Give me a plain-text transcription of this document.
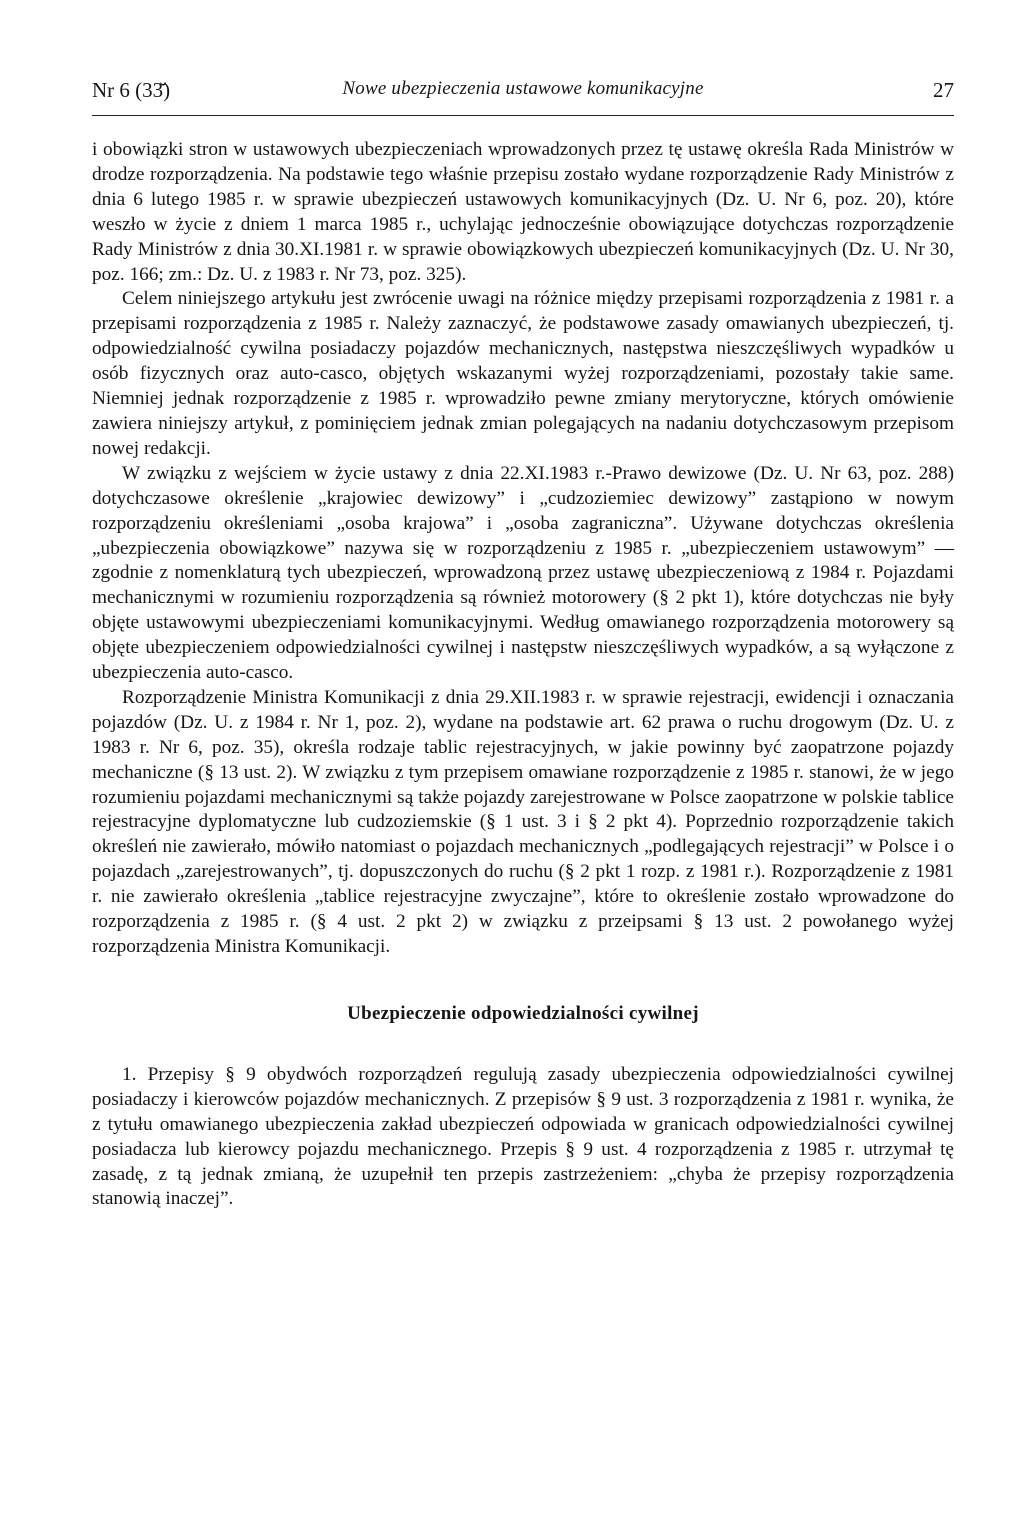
Nr 6 (33̆)	Nowe ubezpieczenia ustawowe komunikacyjne	27

i obowiązki stron w ustawowych ubezpieczeniach wprowadzonych przez tę ustawę określa Rada Ministrów w drodze rozporządzenia. Na podstawie tego właśnie przepisu zostało wydane rozporządzenie Rady Ministrów z dnia 6 lutego 1985 r. w sprawie ubezpieczeń ustawowych komunikacyjnych (Dz. U. Nr 6, poz. 20), które weszło w życie z dniem 1 marca 1985 r., uchylając jednocześnie obowiązujące dotychczas rozporządzenie Rady Ministrów z dnia 30.XI.1981 r. w sprawie obowiązkowych ubezpieczeń komunikacyjnych (Dz. U. Nr 30, poz. 166; zm.: Dz. U. z 1983 r. Nr 73, poz. 325).

Celem niniejszego artykułu jest zwrócenie uwagi na różnice między przepisami rozporządzenia z 1981 r. a przepisami rozporządzenia z 1985 r. Należy zaznaczyć, że podstawowe zasady omawianych ubezpieczeń, tj. odpowiedzialność cywilna posiadaczy pojazdów mechanicznych, następstwa nieszczęśliwych wypadków u osób fizycznych oraz auto-casco, objętych wskazanymi wyżej rozporządzeniami, pozostały takie same. Niemniej jednak rozporządzenie z 1985 r. wprowadziło pewne zmiany merytoryczne, których omówienie zawiera niniejszy artykuł, z pominięciem jednak zmian polegających na nadaniu dotychczasowym przepisom nowej redakcji.

W związku z wejściem w życie ustawy z dnia 22.XI.1983 r.-Prawo dewizowe (Dz. U. Nr 63, poz. 288) dotychczasowe określenie „krajowiec dewizowy” i „cudzoziemiec dewizowy” zastąpiono w nowym rozporządzeniu określeniami „osoba krajowa” i „osoba zagraniczna”. Używane dotychczas określenia „ubezpieczenia obowiązkowe” nazywa się w rozporządzeniu z 1985 r. „ubezpieczeniem ustawowym” — zgodnie z nomenklaturą tych ubezpieczeń, wprowadzoną przez ustawę ubezpieczeniową z 1984 r. Pojazdami mechanicznymi w rozumieniu rozporządzenia są również motorowery (§ 2 pkt 1), które dotychczas nie były objęte ustawowymi ubezpieczeniami komunikacyjnymi. Według omawianego rozporządzenia motorowery są objęte ubezpieczeniem odpowiedzialności cywilnej i następstw nieszczęśliwych wypadków, a są wyłączone z ubezpieczenia auto-casco.

Rozporządzenie Ministra Komunikacji z dnia 29.XII.1983 r. w sprawie rejestracji, ewidencji i oznaczania pojazdów (Dz. U. z 1984 r. Nr 1, poz. 2), wydane na podstawie art. 62 prawa o ruchu drogowym (Dz. U. z 1983 r. Nr 6, poz. 35), określa rodzaje tablic rejestracyjnych, w jakie powinny być zaopatrzone pojazdy mechaniczne (§ 13 ust. 2). W związku z tym przepisem omawiane rozporządzenie z 1985 r. stanowi, że w jego rozumieniu pojazdami mechanicznymi są także pojazdy zarejestrowane w Polsce zaopatrzone w polskie tablice rejestracyjne dyplomatyczne lub cudzoziemskie (§ 1 ust. 3 i § 2 pkt 4). Poprzednio rozporządzenie takich określeń nie zawierało, mówiło natomiast o pojazdach mechanicznych „podlegających rejestracji” w Polsce i o pojazdach „zarejestrowanych”, tj. dopuszczonych do ruchu (§ 2 pkt 1 rozp. z 1981 r.). Rozporządzenie z 1981 r. nie zawierało określenia „tablice rejestracyjne zwyczajne”, które to określenie zostało wprowadzone do rozporządzenia z 1985 r. (§ 4 ust. 2 pkt 2) w związku z przeipsami § 13 ust. 2 powołanego wyżej rozporządzenia Ministra Komunikacji.

Ubezpieczenie odpowiedzialności cywilnej

1. Przepisy § 9 obydwóch rozporządzeń regulują zasady ubezpieczenia odpowiedzialności cywilnej posiadaczy i kierowców pojazdów mechanicznych. Z przepisów § 9 ust. 3 rozporządzenia z 1981 r. wynika, że z tytułu omawianego ubezpieczenia zakład ubezpieczeń odpowiada w granicach odpowiedzialności cywilnej posiadacza lub kierowcy pojazdu mechanicznego. Przepis § 9 ust. 4 rozporządzenia z 1985 r. utrzymał tę zasadę, z tą jednak zmianą, że uzupełnił ten przepis zastrzeżeniem: „chyba że przepisy rozporządzenia stanowią inaczej”.
